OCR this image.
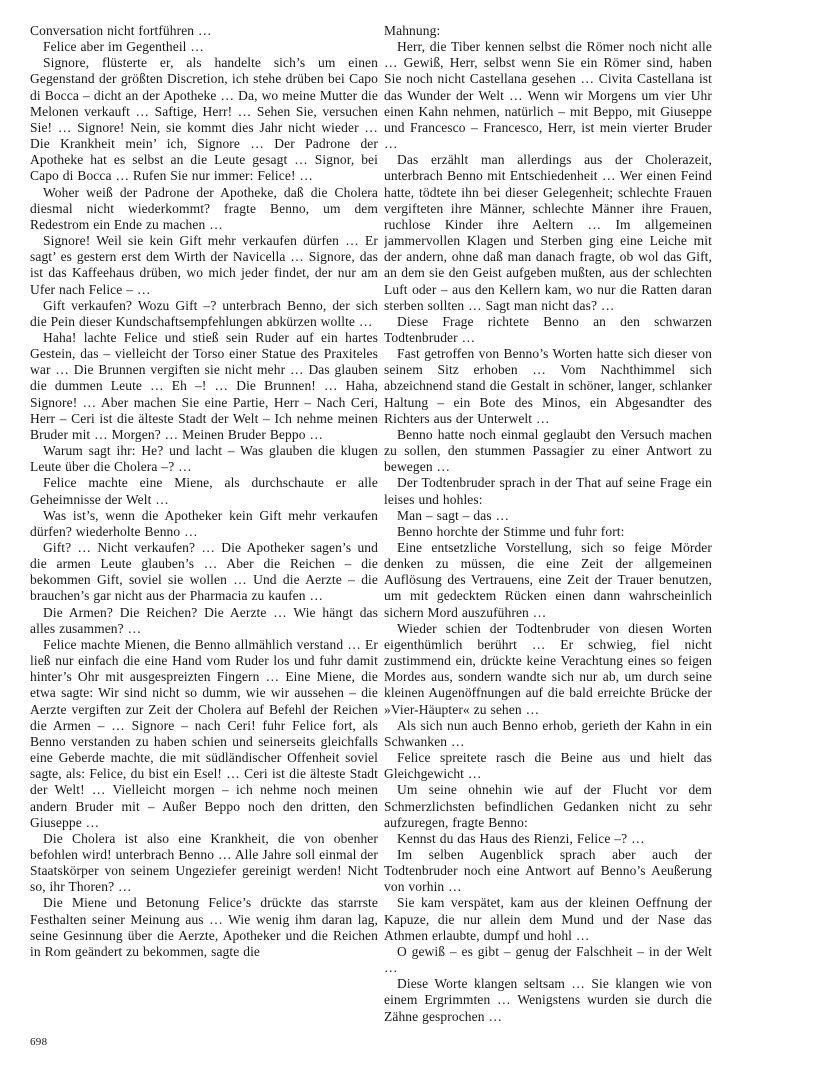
Conversation nicht fortführen …

Felice aber im Gegentheil …

Signore, flüsterte er, als handelte sich’s um einen Gegenstand der größten Discretion, ich stehe drüben bei Capo di Bocca – dicht an der Apotheke … Da, wo meine Mutter die Melonen verkauft … Saftige, Herr! … Sehen Sie, versuchen Sie! … Signore! Nein, sie kommt dies Jahr nicht wieder … Die Krankheit mein’ ich, Signore … Der Padrone der Apotheke hat es selbst an die Leute gesagt … Signor, bei Capo di Bocca … Rufen Sie nur immer: Felice! …

Woher weiß der Padrone der Apotheke, daß die Cholera diesmal nicht wiederkommt? fragte Benno, um dem Redestrom ein Ende zu machen …

Signore! Weil sie kein Gift mehr verkaufen dürfen … Er sagt’ es gestern erst dem Wirth der Navicella … Signore, das ist das Kaffeehaus drüben, wo mich jeder findet, der nur am Ufer nach Felice – …

Gift verkaufen? Wozu Gift –? unterbrach Benno, der sich die Pein dieser Kundschaftsempfehlungen abkürzen wollte …

Haha! lachte Felice und stieß sein Ruder auf ein hartes Gestein, das – vielleicht der Torso einer Statue des Praxiteles war … Die Brunnen vergiften sie nicht mehr … Das glauben die dummen Leute … Eh –! … Die Brunnen! … Haha, Signore! … Aber machen Sie eine Partie, Herr – Nach Ceri, Herr – Ceri ist die älteste Stadt der Welt – Ich nehme meinen Bruder mit … Morgen? … Meinen Bruder Beppo …

Warum sagt ihr: He? und lacht – Was glauben die klugen Leute über die Cholera –? …

Felice machte eine Miene, als durchschaute er alle Geheimnisse der Welt …

Was ist’s, wenn die Apotheker kein Gift mehr verkaufen dürfen? wiederholte Benno …

Gift? … Nicht verkaufen? … Die Apotheker sagen’s und die armen Leute glauben’s … Aber die Reichen – die bekommen Gift, soviel sie wollen … Und die Aerzte – die brauchen’s gar nicht aus der Pharmacia zu kaufen …

Die Armen? Die Reichen? Die Aerzte … Wie hängt das alles zusammen? …

Felice machte Mienen, die Benno allmählich verstand … Er ließ nur einfach die eine Hand vom Ruder los und fuhr damit hinter’s Ohr mit ausgespreizten Fingern … Eine Miene, die etwa sagte: Wir sind nicht so dumm, wie wir aussehen – die Aerzte vergiften zur Zeit der Cholera auf Befehl der Reichen die Armen – … Signore – nach Ceri! fuhr Felice fort, als Benno verstanden zu haben schien und seinerseits gleichfalls eine Geberde machte, die mit südländischer Offenheit soviel sagte, als: Felice, du bist ein Esel! … Ceri ist die älteste Stadt der Welt! … Vielleicht morgen – ich nehme noch meinen andern Bruder mit – Außer Beppo noch den dritten, den Giuseppe …

Die Cholera ist also eine Krankheit, die von obenher befohlen wird! unterbrach Benno … Alle Jahre soll einmal der Staatskörper von seinem Ungeziefer gereinigt werden! Nicht so, ihr Thoren? …

Die Miene und Betonung Felice’s drückte das starrste Festhalten seiner Meinung aus … Wie wenig ihm daran lag, seine Gesinnung über die Aerzte, Apotheker und die Reichen in Rom geändert zu bekommen, sagte die

Mahnung:

Herr, die Tiber kennen selbst die Römer noch nicht alle … Gewiß, Herr, selbst wenn Sie ein Römer sind, haben Sie noch nicht Castellana gesehen … Civita Castellana ist das Wunder der Welt … Wenn wir Morgens um vier Uhr einen Kahn nehmen, natürlich – mit Beppo, mit Giuseppe und Francesco – Francesco, Herr, ist mein vierter Bruder …

Das erzählt man allerdings aus der Cholerazeit, unterbrach Benno mit Entschiedenheit … Wer einen Feind hatte, tödtete ihn bei dieser Gelegenheit; schlechte Frauen vergifteten ihre Männer, schlechte Männer ihre Frauen, ruchlose Kinder ihre Aeltern … Im allgemeinen jammervollen Klagen und Sterben ging eine Leiche mit der andern, ohne daß man danach fragte, ob wol das Gift, an dem sie den Geist aufgeben mußten, aus der schlechten Luft oder – aus den Kellern kam, wo nur die Ratten daran sterben sollten … Sagt man nicht das? …

Diese Frage richtete Benno an den schwarzen Todtenbruder …

Fast getroffen von Benno’s Worten hatte sich dieser von seinem Sitz erhoben … Vom Nachthimmel sich abzeichnend stand die Gestalt in schöner, langer, schlanker Haltung – ein Bote des Minos, ein Abgesandter des Richters aus der Unterwelt …

Benno hatte noch einmal geglaubt den Versuch machen zu sollen, den stummen Passagier zu einer Antwort zu bewegen …

Der Todtenbruder sprach in der That auf seine Frage ein leises und hohles:

Man – sagt – das …

Benno horchte der Stimme und fuhr fort:

Eine entsetzliche Vorstellung, sich so feige Mörder denken zu müssen, die eine Zeit der allgemeinen Auflösung des Vertrauens, eine Zeit der Trauer benutzen, um mit gedecktem Rücken einen dann wahrscheinlich sichern Mord auszuführen …

Wieder schien der Todtenbruder von diesen Worten eigenthümlich berührt … Er schwieg, fiel nicht zustimmend ein, drückte keine Verachtung eines so feigen Mordes aus, sondern wandte sich nur ab, um durch seine kleinen Augenöffnungen auf die bald erreichte Brücke der »Vier-Häupter« zu sehen …

Als sich nun auch Benno erhob, gerieth der Kahn in ein Schwanken …

Felice spreitete rasch die Beine aus und hielt das Gleichgewicht …

Um seine ohnehin wie auf der Flucht vor dem Schmerzlichsten befindlichen Gedanken nicht zu sehr aufzuregen, fragte Benno:

Kennst du das Haus des Rienzi, Felice –? …

Im selben Augenblick sprach aber auch der Todtenbruder noch eine Antwort auf Benno’s Aeußerung von vorhin …

Sie kam verspätet, kam aus der kleinen Oeffnung der Kapuze, die nur allein dem Mund und der Nase das Athmen erlaubte, dumpf und hohl …

O gewiß – es gibt – genug der Falschheit – in der Welt …

Diese Worte klangen seltsam … Sie klangen wie von einem Ergrimmten … Wenigstens wurden sie durch die Zähne gesprochen …

698
